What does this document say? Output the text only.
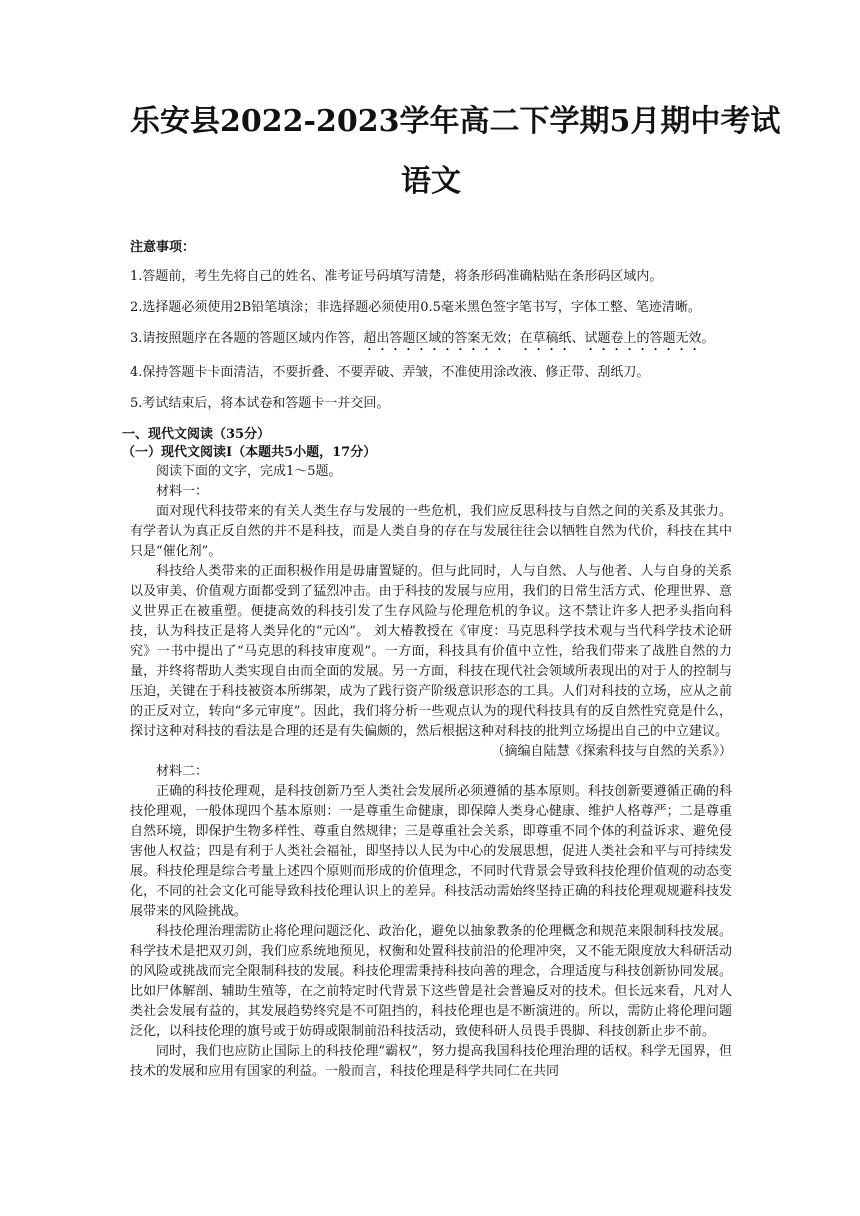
乐安县2022-2023学年高二下学期5月期中考试
语文
注意事项：
1.答题前，考生先将自己的姓名、准考证号码填写清楚，将条形码准确粘贴在条形码区域内。
2.选择题必须使用2B铅笔填涂；非选择题必须使用0.5毫米黑色签字笔书写，字体工整、笔迹清晰。
3.请按照题序在各题的答题区域内作答，超出答题区域的答案无效；在草稿纸、试题卷上的答题无效。
4.保持答题卡卡面清洁，不要折叠、不要弄破、弄皱，不准使用涂改液、修正带、刮纸刀。
5.考试结束后，将本试卷和答题卡一并交回。
一、现代文阅读（35分）
（一）现代文阅读Ⅰ（本题共5小题，17分）

阅读下面的文字，完成1～5题。

材料一：

面对现代科技带来的有关人类生存与发展的一些危机，我们应反思科技与自然之间的关系及其张力。有学者认为真正反自然的并不是科技，而是人类自身的存在与发展往往会以牺牲自然为代价，科技在其中只是“催化剂”。

科技给人类带来的正面积极作用是毋庸置疑的。但与此同时，人与自然、人与他者、人与自身的关系以及审美、价值观方面都受到了猛烈冲击。由于科技的发展与应用，我们的日常生活方式、伦理世界、意义世界正在被重塑。便捷高效的科技引发了生存风险与伦理危机的争议。这不禁让许多人把矛头指向科技，认为科技正是将人类异化的“元凶”。 刘大椿教授在《审度：马克思科学技术观与当代科学技术论研究》一书中提出了“马克思的科技审度观”。一方面，科技具有价值中立性，给我们带来了战胜自然的力量，并终将帮助人类实现自由而全面的发展。另一方面，科技在现代社会领域所表现出的对于人的控制与压迫，关键在于科技被资本所绑架，成为了践行资产阶级意识形态的工具。人们对科技的立场，应从之前的正反对立，转向“多元审度”。因此，我们将分析一些观点认为的现代科技具有的反自然性究竟是什么，探讨这种对科技的看法是合理的还是有失偏颇的，然后根据这种对科技的批判立场提出自己的中立建议。

（摘编自陆慧《探索科技与自然的关系》）

材料二：

正确的科技伦理观，是科技创新乃至人类社会发展所必须遵循的基本原则。科技创新要遵循正确的科技伦理观，一般体现四个基本原则：一是尊重生命健康，即保障人类身心健康、维护人格尊严；二是尊重自然环境，即保护生物多样性、尊重自然规律；三是尊重社会关系，即尊重不同个体的利益诉求、避免侵害他人权益；四是有利于人类社会福祉，即坚持以人民为中心的发展思想，促进人类社会和平与可持续发展。科技伦理是综合考量上述四个原则而形成的价值理念，不同时代背景会导致科技伦理价值观的动态变化，不同的社会文化可能导致科技伦理认识上的差异。科技活动需始终坚持正确的科技伦理观规避科技发展带来的风险挑战。

科技伦理治理需防止将伦理问题泛化、政治化，避免以抽象教条的伦理概念和规范来限制科技发展。科学技术是把双刃剑，我们应系统地预见，权衡和处置科技前沿的伦理冲突，又不能无限度放大科研活动的风险或挑战而完全限制科技的发展。科技伦理需秉持科技向善的理念，合理适度与科技创新协同发展。比如尸体解剖、辅助生殖等，在之前特定时代背景下这些曾是社会普遍反对的技术。但长远来看，凡对人类社会发展有益的，其发展趋势终究是不可阻挡的，科技伦理也是不断演进的。所以，需防止将伦理问题泛化，以科技伦理的旗号或于妨碍或限制前沿科技活动，致使科研人员畏手畏脚、科技创新止步不前。

同时，我们也应防止国际上的科技伦理“霸权”，努力提高我国科技伦理治理的话权。科学无国界，但技术的发展和应用有国家的利益。一般而言，科技伦理是科学共同仁在共同
